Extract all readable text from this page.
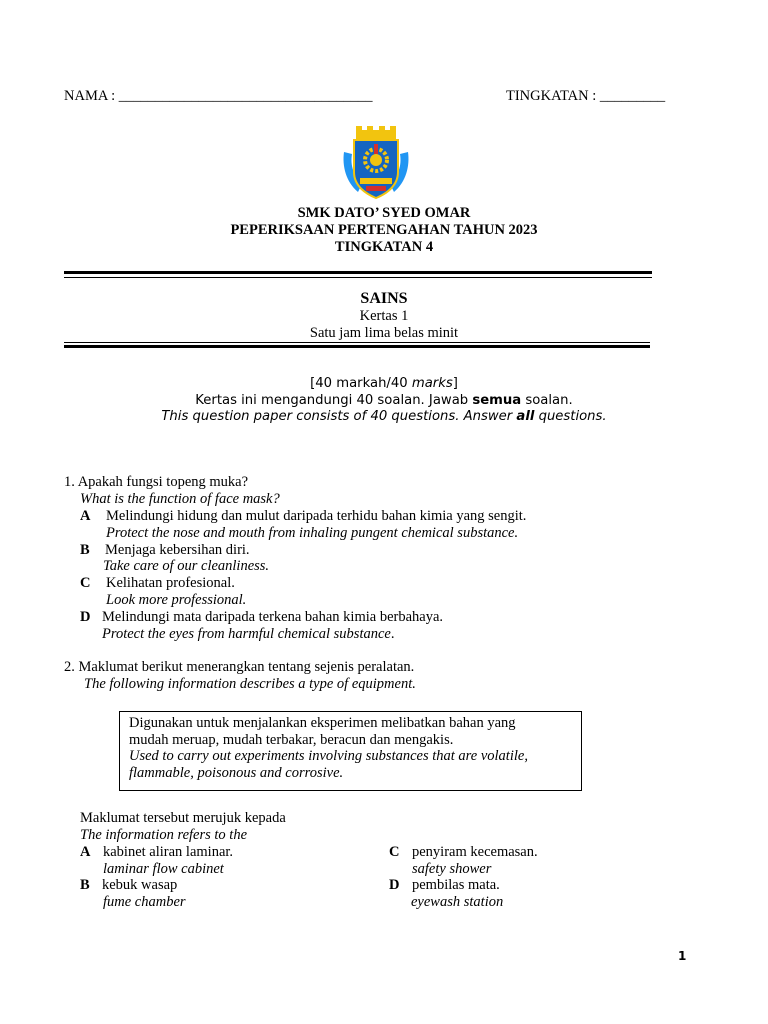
NAMA : ___________________________________	TINGKATAN : _________
SMK DATO’ SYED OMAR
PEPERIKSAAN PERTENGAHAN TAHUN 2023
TINGKATAN 4
SAINS
Kertas 1
Satu jam lima belas minit
[40 markah/40 marks]
Kertas ini mengandungi 40 soalan. Jawab semua soalan.
This question paper consists of 40 questions. Answer all questions.
1. Apakah fungsi topeng muka?
What is the function of face mask?
A Melindungi hidung dan mulut daripada terhidu bahan kimia yang sengit.
Protect the nose and mouth from inhaling pungent chemical substance.
B Menjaga kebersihan diri.
Take care of our cleanliness.
C Kelihatan profesional.
Look more professional.
D Melindungi mata daripada terkena bahan kimia berbahaya.
Protect the eyes from harmful chemical substance.
2. Maklumat berikut menerangkan tentang sejenis peralatan.
The following information describes a type of equipment.
Digunakan untuk menjalankan eksperimen melibatkan bahan yang
mudah meruap, mudah terbakar, beracun dan mengakis.
Used to carry out experiments involving substances that are volatile,
flammable, poisonous and corrosive.
Maklumat tersebut merujuk kepada
The information refers to the
A kabinet aliran laminar.
laminar flow cabinet
B kebuk wasap
fume chamber
C penyiram kecemasan.
safety shower
D pembilas mata.
eyewash station
1
